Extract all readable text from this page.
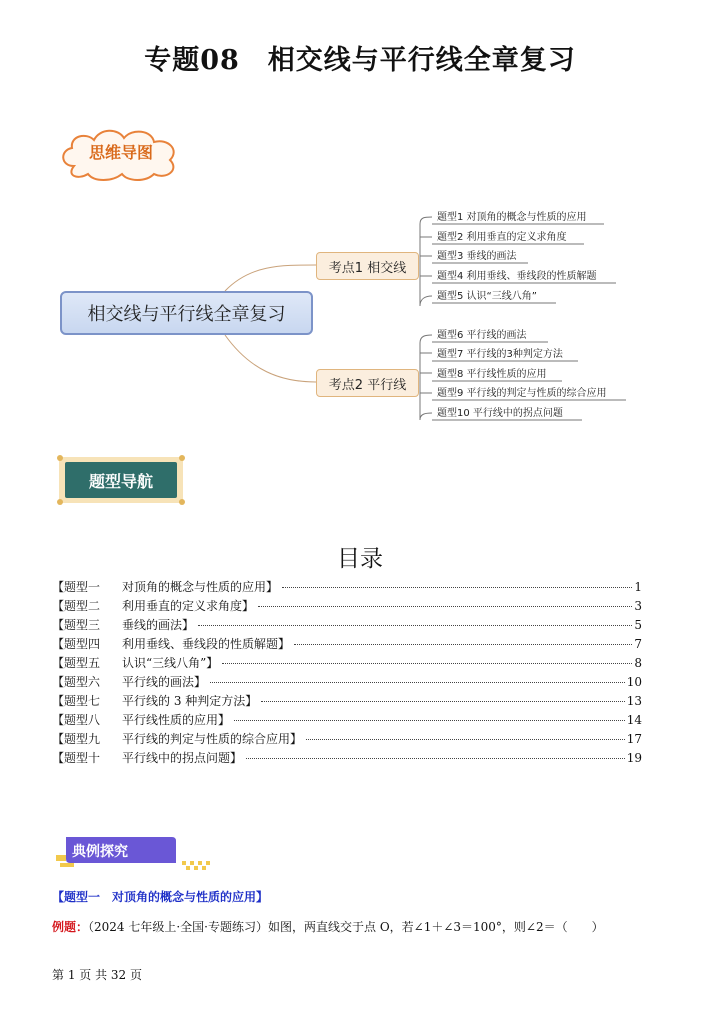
专题08　相交线与平行线全章复习
思维导图
相交线与平行线全章复习
考点1 相交线
考点2 平行线
题型1 对顶角的概念与性质的应用
题型2 利用垂直的定义求角度
题型3 垂线的画法
题型4 利用垂线、垂线段的性质解题
题型5 认识“三线八角”
题型6 平行线的画法
题型7 平行线的3种判定方法
题型8 平行线性质的应用
题型9 平行线的判定与性质的综合应用
题型10 平行线中的拐点问题
题型导航
目录
【题型一	对顶角的概念与性质的应用】	1
【题型二	利用垂直的定义求角度】	3
【题型三	垂线的画法】	5
【题型四	利用垂线、垂线段的性质解题】	7
【题型五	认识“三线八角”】	8
【题型六	平行线的画法】	10
【题型七	平行线的 3 种判定方法】	13
【题型八	平行线性质的应用】	14
【题型九	平行线的判定与性质的综合应用】	17
【题型十	平行线中的拐点问题】	19
典例探究
【题型一　对顶角的概念与性质的应用】
例题：（2024 七年级上·全国·专题练习）如图，两直线交于点 O，若∠1＋∠3＝100°，则∠2＝（　　）
第 1 页 共 32 页
